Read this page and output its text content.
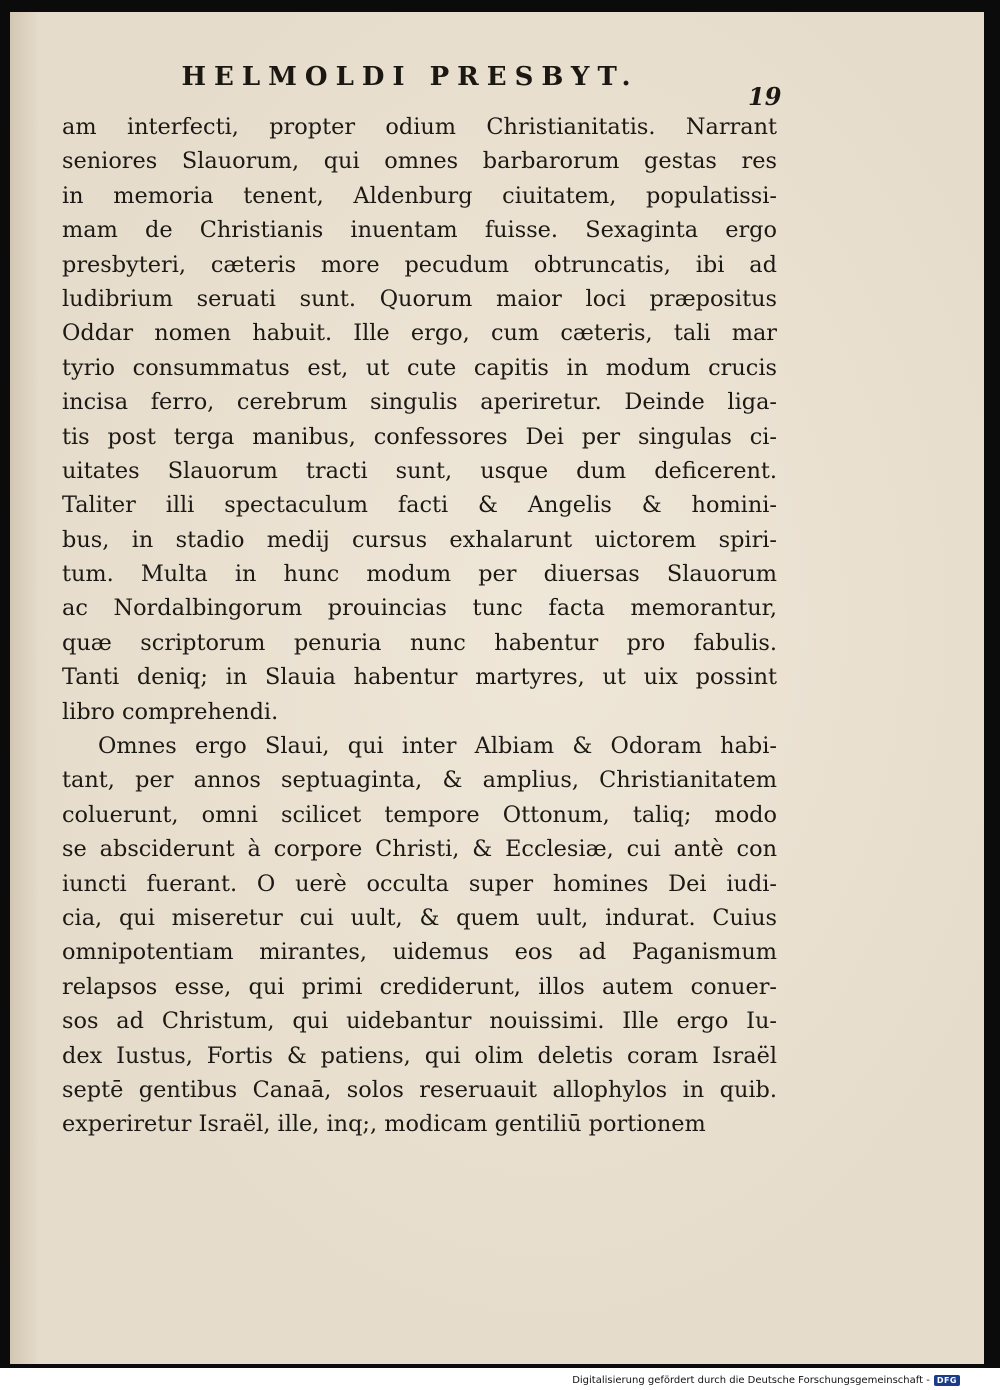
HELMOLDI PRESBYT.
19
am interfecti, propter odium Christianitatis. Narrant
seniores Slauorum, qui omnes barbarorum gestas res
in memoria tenent, Aldenburg ciuitatem, populatissi-
mam de Christianis inuentam fuisse. Sexaginta ergo
presbyteri, cæteris more pecudum obtruncatis, ibi ad
ludibrium seruati sunt. Quorum maior loci præpositus
Oddar nomen habuit. Ille ergo, cum cæteris, tali mar
tyrio consummatus est, ut cute capitis in modum crucis
incisa ferro, cerebrum singulis aperiretur. Deinde liga-
tis post terga manibus, confessores Dei per singulas ci-
uitates Slauorum tracti sunt, usque dum deficerent.
Taliter illi spectaculum facti & Angelis & homini-
bus, in stadio medij cursus exhalarunt uictorem spiri-
tum. Multa in hunc modum per diuersas Slauorum
ac Nordalbingorum prouincias tunc facta memorantur,
quæ scriptorum penuria nunc habentur pro fabulis.
Tanti deniq; in Slauia habentur martyres, ut uix possint
libro comprehendi.
Omnes ergo Slaui, qui inter Albiam & Odoram habi-
tant, per annos septuaginta, & amplius, Christianitatem
coluerunt, omni scilicet tempore Ottonum, taliq; modo
se absciderunt à corpore Christi, & Ecclesiæ, cui antè con
iuncti fuerant. O uerè occulta super homines Dei iudi-
cia, qui miseretur cui uult, & quem uult, indurat. Cuius
omnipotentiam mirantes, uidemus eos ad Paganismum
relapsos esse, qui primi crediderunt, illos autem conuer-
sos ad Christum, qui uidebantur nouissimi. Ille ergo Iu-
dex Iustus, Fortis & patiens, qui olim deletis coram Israël
septē gentibus Canaā, solos reseruauit allophylos in quib.
experiretur Israël, ille, inq;, modicam gentiliū portionem
Digitalisierung gefördert durch die Deutsche Forschungsgemeinschaft - DFG
